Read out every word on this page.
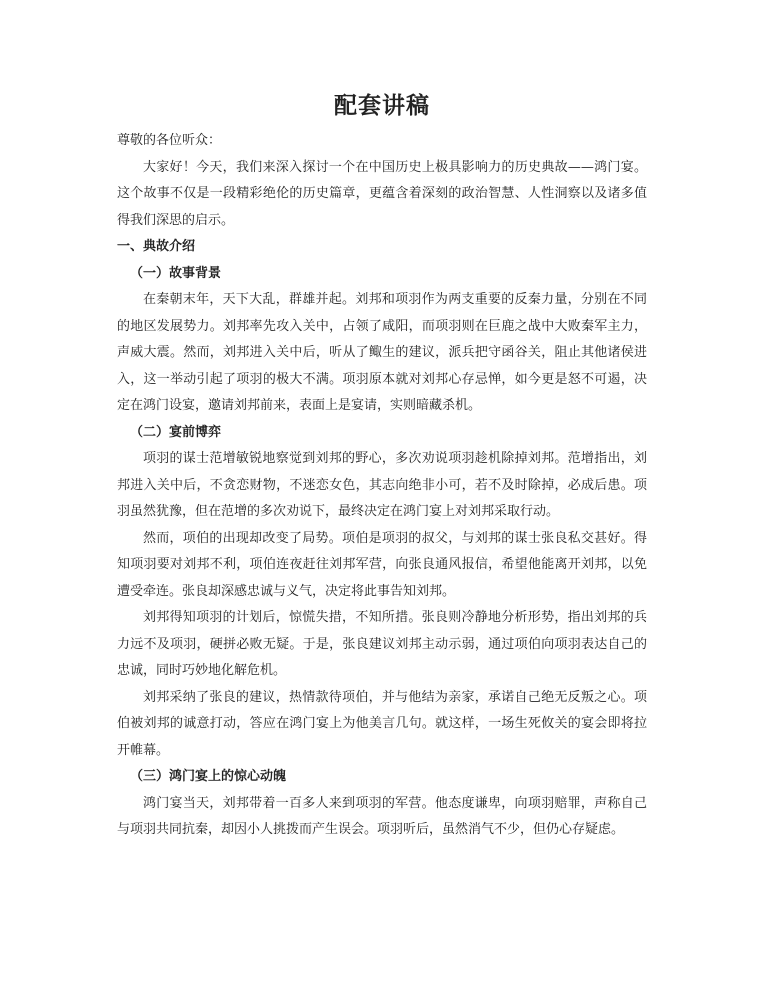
配套讲稿

尊敬的各位听众：

大家好！今天，我们来深入探讨一个在中国历史上极具影响力的历史典故——鸿门宴。这个故事不仅是一段精彩绝伦的历史篇章，更蕴含着深刻的政治智慧、人性洞察以及诸多值得我们深思的启示。

一、典故介绍

（一）故事背景

在秦朝末年，天下大乱，群雄并起。刘邦和项羽作为两支重要的反秦力量，分别在不同的地区发展势力。刘邦率先攻入关中，占领了咸阳，而项羽则在巨鹿之战中大败秦军主力，声威大震。然而，刘邦进入关中后，听从了鲰生的建议，派兵把守函谷关，阻止其他诸侯进入，这一举动引起了项羽的极大不满。项羽原本就对刘邦心存忌惮，如今更是怒不可遏，决定在鸿门设宴，邀请刘邦前来，表面上是宴请，实则暗藏杀机。

（二）宴前博弈

项羽的谋士范增敏锐地察觉到刘邦的野心，多次劝说项羽趁机除掉刘邦。范增指出，刘邦进入关中后，不贪恋财物，不迷恋女色，其志向绝非小可，若不及时除掉，必成后患。项羽虽然犹豫，但在范增的多次劝说下，最终决定在鸿门宴上对刘邦采取行动。

然而，项伯的出现却改变了局势。项伯是项羽的叔父，与刘邦的谋士张良私交甚好。得知项羽要对刘邦不利，项伯连夜赶往刘邦军营，向张良通风报信，希望他能离开刘邦，以免遭受牵连。张良却深感忠诚与义气，决定将此事告知刘邦。

刘邦得知项羽的计划后，惊慌失措，不知所措。张良则冷静地分析形势，指出刘邦的兵力远不及项羽，硬拼必败无疑。于是，张良建议刘邦主动示弱，通过项伯向项羽表达自己的忠诚，同时巧妙地化解危机。

刘邦采纳了张良的建议，热情款待项伯，并与他结为亲家，承诺自己绝无反叛之心。项伯被刘邦的诚意打动，答应在鸿门宴上为他美言几句。就这样，一场生死攸关的宴会即将拉开帷幕。

（三）鸿门宴上的惊心动魄

鸿门宴当天，刘邦带着一百多人来到项羽的军营。他态度谦卑，向项羽赔罪，声称自己与项羽共同抗秦，却因小人挑拨而产生误会。项羽听后，虽然消气不少，但仍心存疑虑。
